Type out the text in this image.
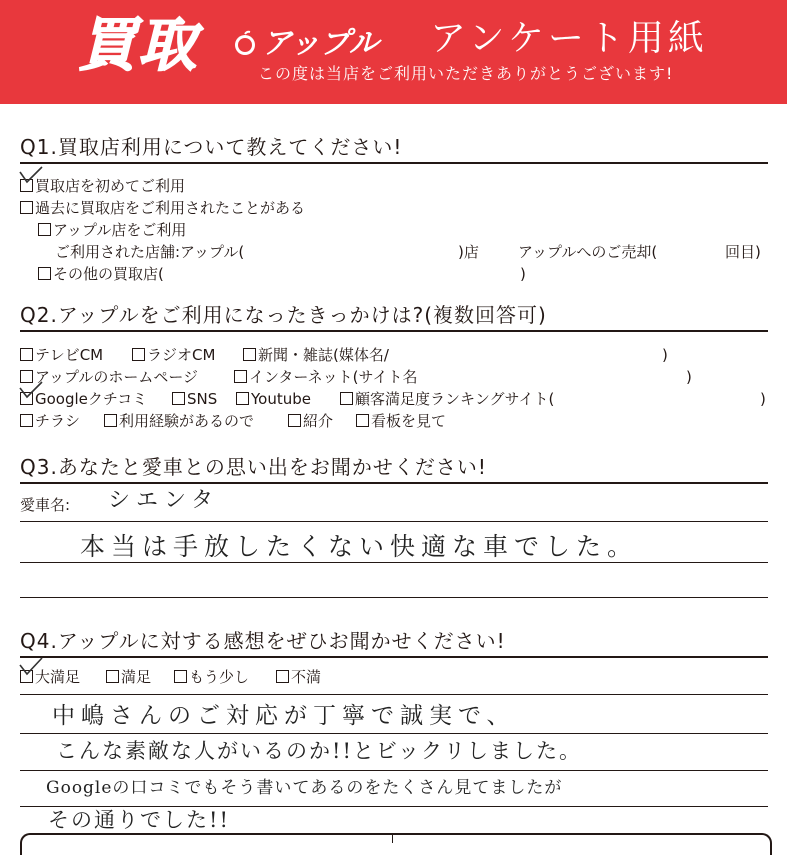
買取	アップル アンケート用紙
この度は当店をご利用いただきありがとうございます!
Q1.買取店利用について教えてください!
買取店を初めてご利用
過去に買取店をご利用されたことがある
アップル店をご利用
ご利用された店舗:アップル(	)店	アップルへのご売却(	回目)
その他の買取店(	)
Q2.アップルをご利用になったきっかけは?(複数回答可)
テレビCM	ラジオCM	新聞・雑誌(媒体名/	)
アップルのホームページ	インターネット(サイト名	)
Googleクチコミ	SNS	Youtube	顧客満足度ランキングサイト(	)
チラシ	利用経験があるので	紹介	看板を見て
Q3.あなたと愛車との思い出をお聞かせください!
愛車名: シエンタ
本当は手放したくない快適な車でした。
Q4.アップルに対する感想をぜひお聞かせください!
大満足	満足	もう少し	不満
中嶋さんのご対応が丁寧で誠実で、
こんな素敵な人がいるのか!!とビックリしました。
Googleの口コミでもそう書いてあるのをたくさん見てましたが
その通りでした!!
